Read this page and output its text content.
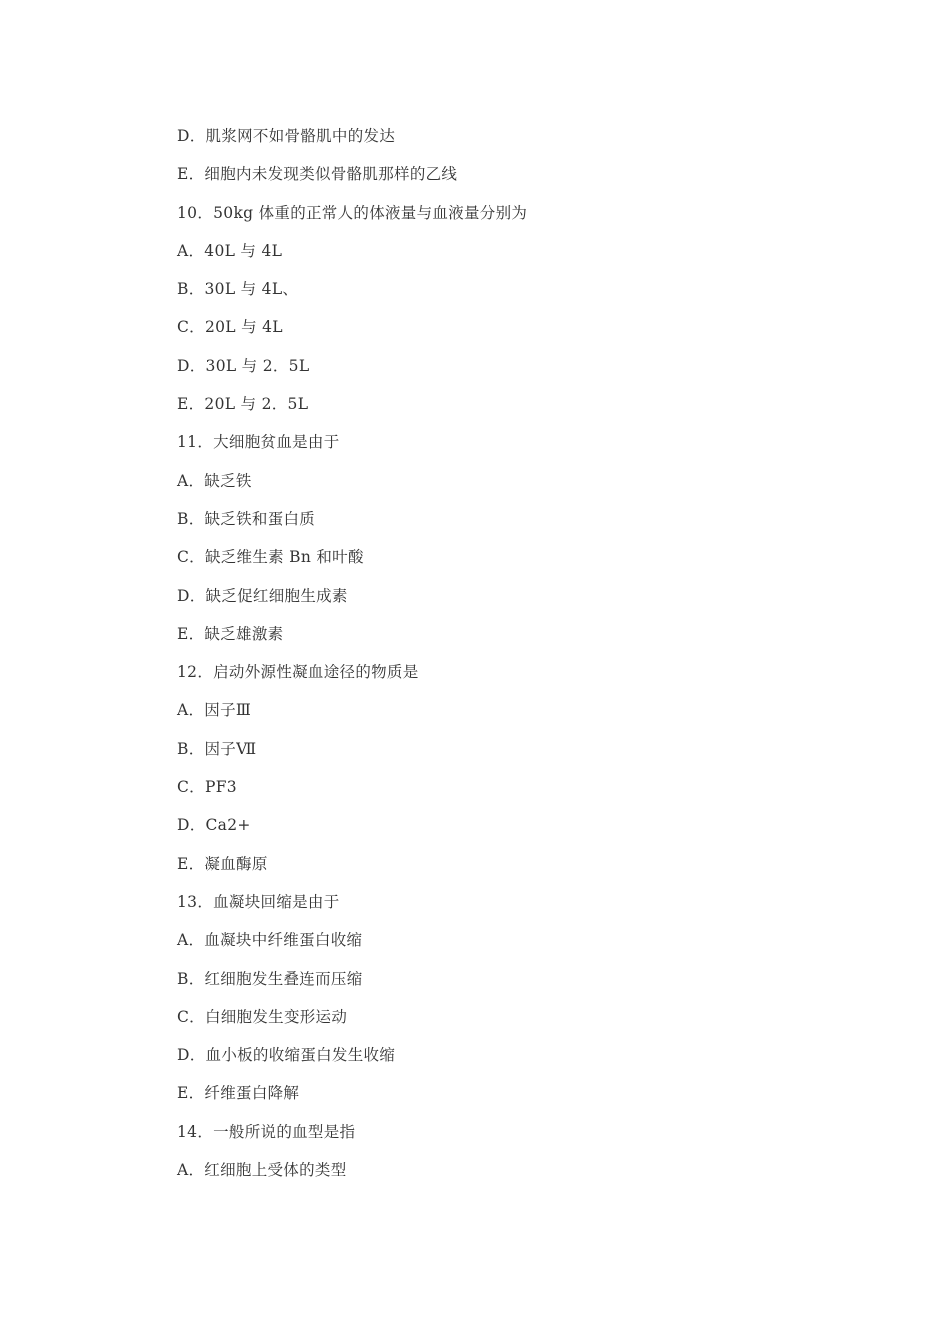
D．肌浆网不如骨骼肌中的发达
E．细胞内未发现类似骨骼肌那样的乙线
10．50kg 体重的正常人的体液量与血液量分别为
A．40L 与 4L
B．30L 与 4L、
C．20L 与 4L
D．30L 与 2．5L
E．20L 与 2．5L
11．大细胞贫血是由于
A．缺乏铁
B．缺乏铁和蛋白质
C．缺乏维生素 Bn 和叶酸
D．缺乏促红细胞生成素
E．缺乏雄激素
12．启动外源性凝血途径的物质是
A．因子Ⅲ
B．因子Ⅶ
C．PF3
D．Ca2+
E．凝血酶原
13．血凝块回缩是由于
A．血凝块中纤维蛋白收缩
B．红细胞发生叠连而压缩
C．白细胞发生变形运动
D．血小板的收缩蛋白发生收缩
E．纤维蛋白降解
14．一般所说的血型是指
A．红细胞上受体的类型
